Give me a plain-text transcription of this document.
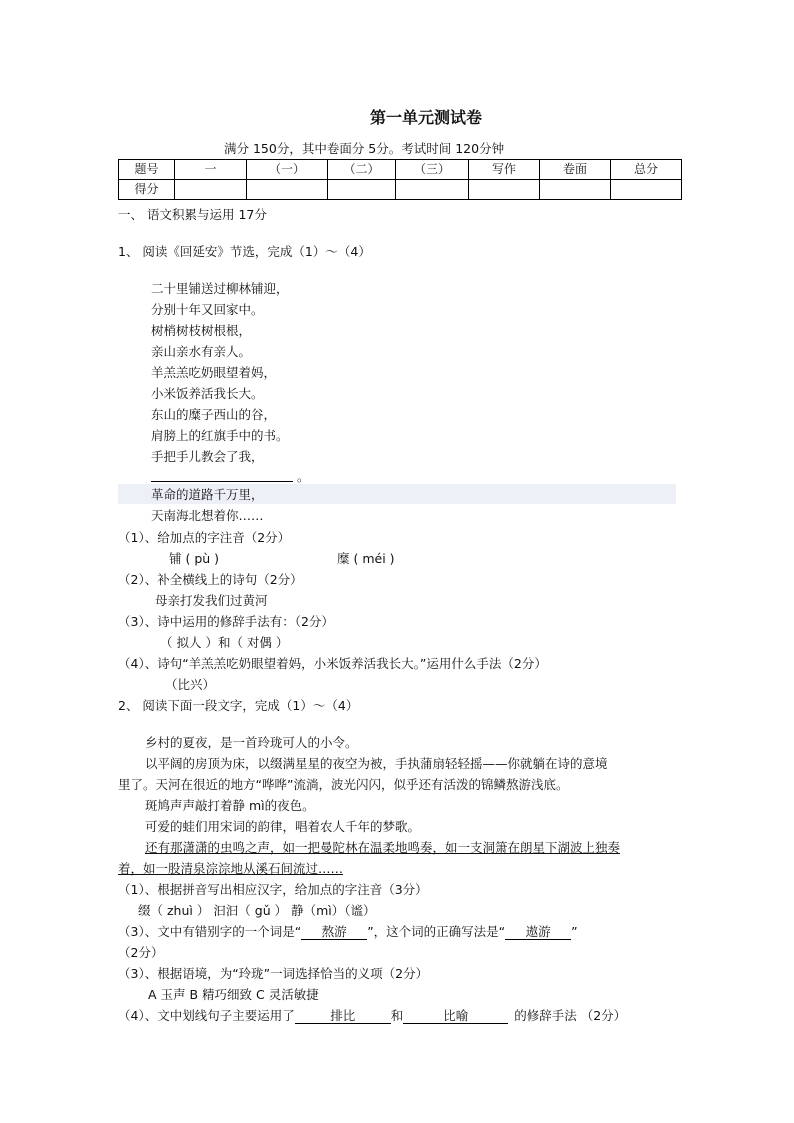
第一单元测试卷
满分 150分，其中卷面分 5分。考试时间 120分钟
题号	一	（一）	（二）	（三）	写作	卷面	总分
得分							
一、 语文积累与运用 17分
1、 阅读《回延安》节选，完成（1）～（4）
二十里铺送过柳林铺迎，
分别十年又回家中。
树梢树枝树根根，
亲山亲水有亲人。
羊羔羔吃奶眼望着妈，
小米饭养活我长大。
东山的糜子西山的谷，
肩膀上的红旗手中的书。
手把手儿教会了我，
。
革命的道路千万里，
天南海北想着你……
（1）、给加点的字注音（2分）
铺 ( pù )	糜 ( méi )
（2）、补全横线上的诗句（2分）
母亲打发我们过黄河
（3）、诗中运用的修辞手法有：（2分）
（ 拟人 ）和（ 对偶 ）
（4）、诗句“羊羔羔吃奶眼望着妈，小米饭养活我长大。”运用什么手法（2分）
（比兴）
2、 阅读下面一段文字，完成（1）～（4）
乡村的夏夜，是一首玲珑可人的小令。
以平阔的房顶为床，以缀满星星的夜空为被，手执蒲扇轻轻摇——你就躺在诗的意境
里了。天河在很近的地方“哗哗”流淌，波光闪闪，似乎还有活泼的锦鳞熬游浅底。
斑鸠声声敲打着静 mì的夜色。
可爱的蛙们用宋词的韵律，唱着农人千年的梦歌。
还有那潇潇的虫鸣之声，如一把曼陀林在温柔地鸣奏，如一支洞箫在朗星下湖波上独奏
着，如一股清泉淙淙地从溪石间流过……
（1）、根据拼音写出相应汉字，给加点的字注音（3分）
缀（ zhuì ） 汩汩（ gǔ ） 静（mì）（谧）
（3）、文中有错别字的一个词是“ 熬游 ”，这个词的正确写法是“ 遨游 ”
（2分）
（3）、根据语境，为“玲珑”一词选择恰当的义项（2分）
A 玉声 B 精巧细致 C 灵活敏捷
（4）、文中划线句子主要运用了	排比	和	比喻	的修辞手法 （2分）
